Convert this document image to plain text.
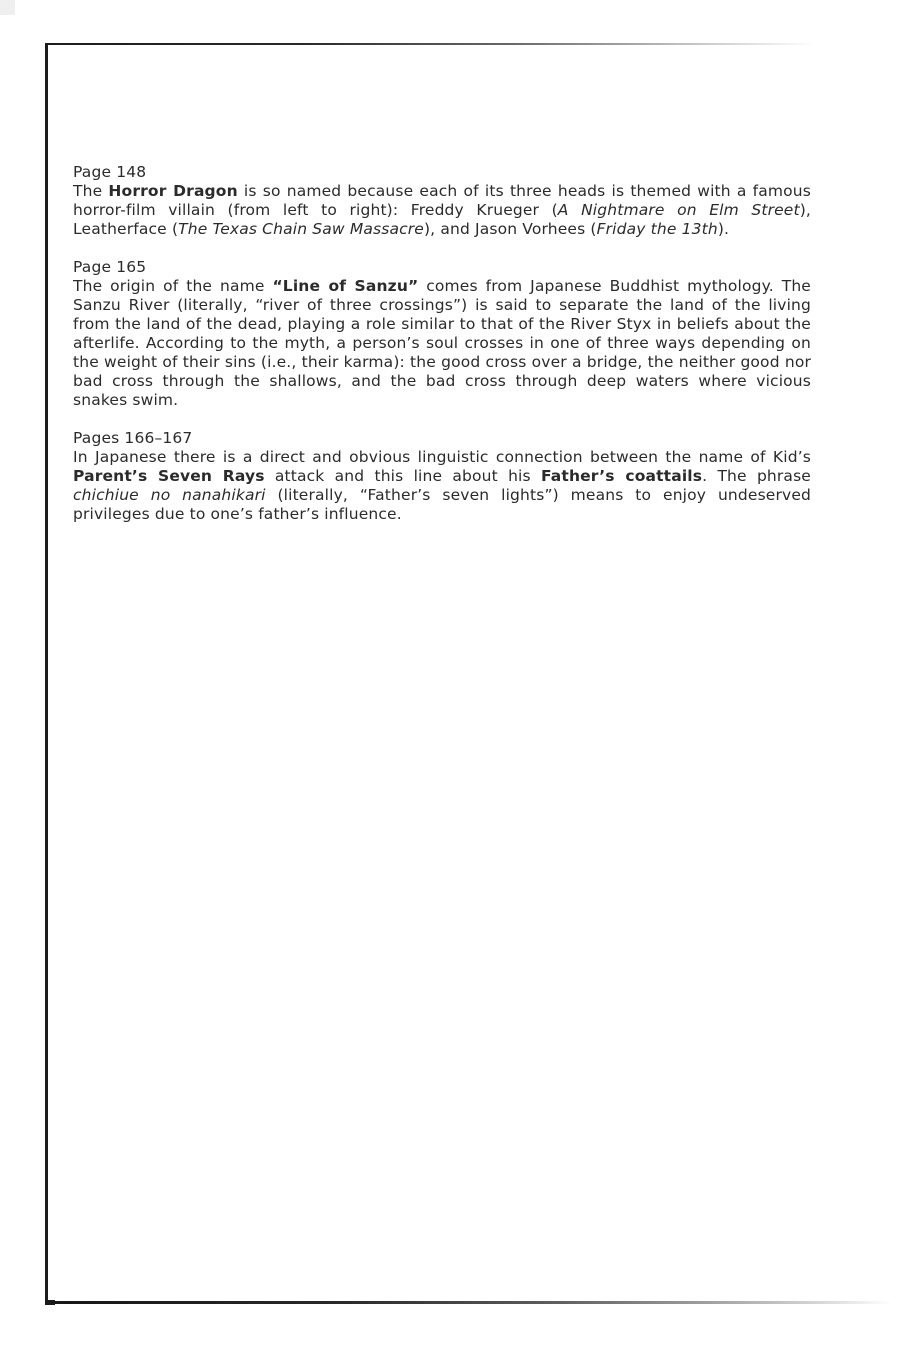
Page 148

The Horror Dragon is so named because each of its three heads is themed with a famous horror-film villain (from left to right): Freddy Krueger (A Nightmare on Elm Street), Leatherface (The Texas Chain Saw Massacre), and Jason Vorhees (Friday the 13th).

Page 165

The origin of the name “Line of Sanzu” comes from Japanese Buddhist mythology. The Sanzu River (literally, “river of three crossings”) is said to separate the land of the living from the land of the dead, playing a role similar to that of the River Styx in beliefs about the afterlife. According to the myth, a person’s soul crosses in one of three ways depending on the weight of their sins (i.e., their karma): the good cross over a bridge, the neither good nor bad cross through the shallows, and the bad cross through deep waters where vicious snakes swim.

Pages 166–167

In Japanese there is a direct and obvious linguistic connection between the name of Kid’s Parent’s Seven Rays attack and this line about his Father’s coattails. The phrase chichiue no nanahikari (literally, “Father’s seven lights”) means to enjoy undeserved privileges due to one’s father’s influence.
